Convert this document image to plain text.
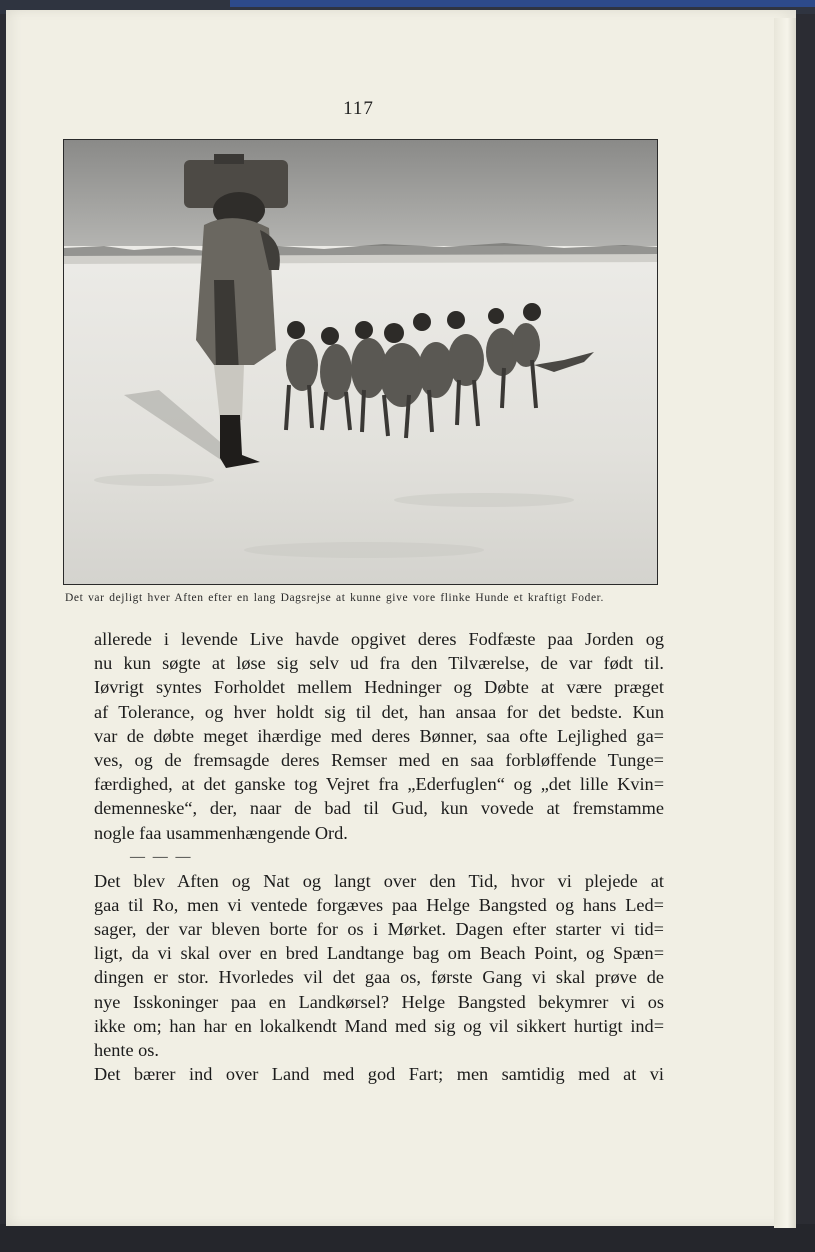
117
Det var dejligt hver Aften efter en lang Dagsrejse at kunne give vore flinke Hunde et kraftigt Foder.
allerede i levende Live havde opgivet deres Fodfæste paa Jorden og
nu kun søgte at løse sig selv ud fra den Tilværelse, de var født til.
Iøvrigt syntes Forholdet mellem Hedninger og Døbte at være præget
af Tolerance, og hver holdt sig til det, han ansaa for det bedste. Kun
var de døbte meget ihærdige med deres Bønner, saa ofte Lejlighed ga=
ves, og de fremsagde deres Remser med en saa forbløffende Tunge=
færdighed, at det ganske tog Vejret fra „Ederfuglen“ og „det lille Kvin=
demenneske“, der, naar de bad til Gud, kun vovede at fremstamme
nogle faa usammenhængende Ord.
— — —
Det blev Aften og Nat og langt over den Tid, hvor vi plejede at
gaa til Ro, men vi ventede forgæves paa Helge Bangsted og hans Led=
sager, der var bleven borte for os i Mørket. Dagen efter starter vi tid=
ligt, da vi skal over en bred Landtange bag om Beach Point, og Spæn=
dingen er stor. Hvorledes vil det gaa os, første Gang vi skal prøve de
nye Isskoninger paa en Landkørsel? Helge Bangsted bekymrer vi os
ikke om; han har en lokalkendt Mand med sig og vil sikkert hurtigt ind=
hente os.
Det bærer ind over Land med god Fart; men samtidig med at vi
